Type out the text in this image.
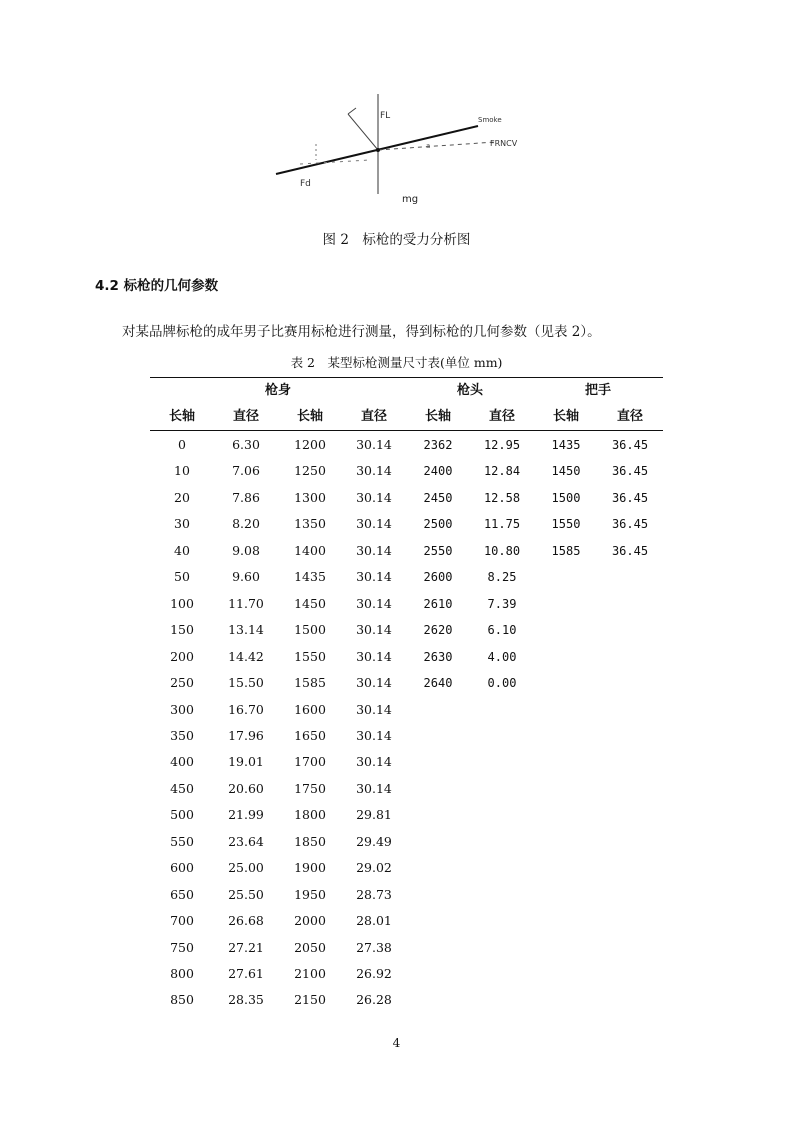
FL
Fd
Smoke
FRNCV
a
mg
图 2　标枪的受力分析图
4.2 标枪的几何参数
对某品牌标枪的成年男子比赛用标枪进行测量，得到标枪的几何参数（见表 2）。
表 2　某型标枪测量尺寸表(单位 mm)
枪身	枪头	把手
长轴	直径	长轴	直径	长轴	直径	长轴	直径
0	6.30	1200	30.14	2362	12.95	1435	36.45
10	7.06	1250	30.14	2400	12.84	1450	36.45
20	7.86	1300	30.14	2450	12.58	1500	36.45
30	8.20	1350	30.14	2500	11.75	1550	36.45
40	9.08	1400	30.14	2550	10.80	1585	36.45
50	9.60	1435	30.14	2600	8.25
100	11.70	1450	30.14	2610	7.39
150	13.14	1500	30.14	2620	6.10
200	14.42	1550	30.14	2630	4.00
250	15.50	1585	30.14	2640	0.00
300	16.70	1600	30.14
350	17.96	1650	30.14
400	19.01	1700	30.14
450	20.60	1750	30.14
500	21.99	1800	29.81
550	23.64	1850	29.49
600	25.00	1900	29.02
650	25.50	1950	28.73
700	26.68	2000	28.01
750	27.21	2050	27.38
800	27.61	2100	26.92
850	28.35	2150	26.28
4
